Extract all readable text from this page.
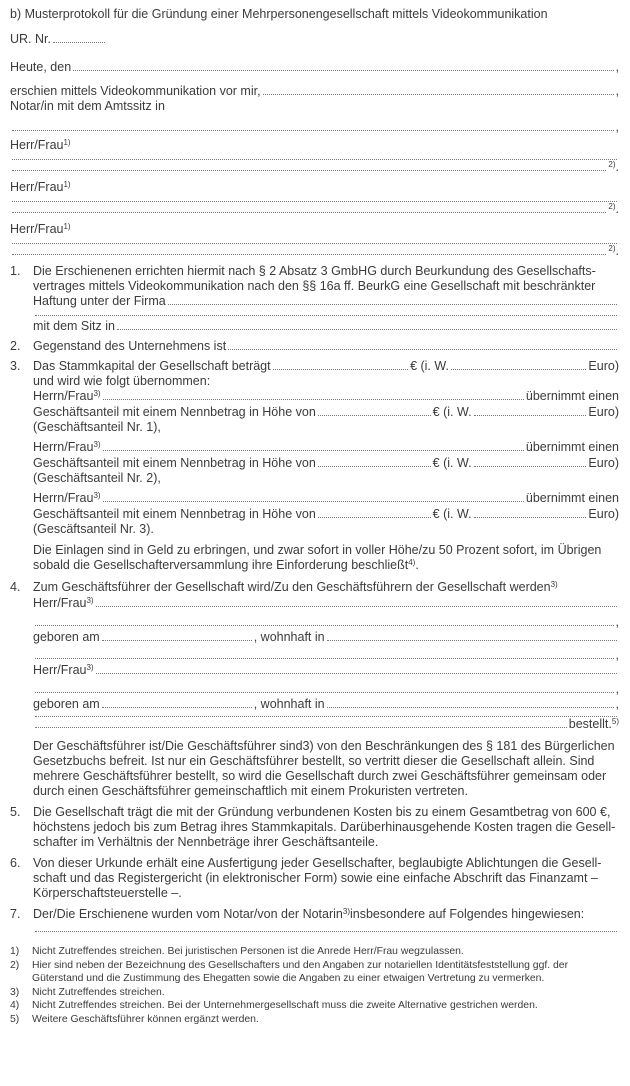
b) Musterprotokoll für die Gründung einer Mehrpersonengesellschaft mittels Videokommunikation
UR. Nr.
Heute, den	,
erschien mittels Videokommunikation vor mir,	,
Notar/in mit dem Amtssitz in
,
Herr/Frau 1)
2) .
Herr/Frau 1)
2) .
Herr/Frau 1)
2) .
1. Die Erschienenen errichten hiermit nach § 2 Absatz 3 GmbHG durch Beurkundung des Gesellschafts-
vertrages mittels Videokommunikation nach den §§ 16a ff. BeurkG eine Gesellschaft mit beschränkter
Haftung unter der Firma
mit dem Sitz in
2. Gegenstand des Unternehmens ist
3. Das Stammkapital der Gesellschaft beträgt	€ (i. W.	Euro)
und wird wie folgt übernommen:
Herrn/Frau 3)	übernimmt einen
Geschäftsanteil mit einem Nennbetrag in Höhe von	€ (i. W.	Euro)
(Geschäftsanteil Nr. 1),
Herrn/Frau 3)	übernimmt einen
Geschäftsanteil mit einem Nennbetrag in Höhe von	€ (i. W.	Euro)
(Geschäftsanteil Nr. 2),
Herrn/Frau 3)	übernimmt einen
Geschäftsanteil mit einem Nennbetrag in Höhe von	€ (i. W.	Euro)
(Gescäftsanteil Nr. 3).
Die Einlagen sind in Geld zu erbringen, und zwar sofort in voller Höhe/zu 50 Prozent sofort, im Übrigen
sobald die Gesellschafterversammlung ihre Einforderung beschließt 4) .
4. Zum Geschäftsführer der Gesellschaft wird/Zu den Geschäftsführern der Gesellschaft werden 3)
Herr/Frau 3)
,
geboren am	, wohnhaft in
,
Herr/Frau 3)
,
geboren am	, wohnhaft in	,
bestellt. 5)
Der Geschäftsführer ist/Die Geschäftsführer sind3) von den Beschränkungen des § 181 des Bürgerlichen
Gesetzbuchs befreit. Ist nur ein Geschäftsführer bestellt, so vertritt dieser die Gesellschaft allein. Sind
mehrere Geschäftsführer bestellt, so wird die Gesellschaft durch zwei Geschäftsführer gemeinsam oder
durch einen Geschäftsführer gemeinschaftlich mit einem Prokuristen vertreten.
5. Die Gesellschaft trägt die mit der Gründung verbundenen Kosten bis zu einem Gesamtbetrag von 600 €,
höchstens jedoch bis zum Betrag ihres Stammkapitals. Darüberhinausgehende Kosten tragen die Gesell-
schafter im Verhältnis der Nennbeträge ihrer Geschäftsanteile.
6. Von dieser Urkunde erhält eine Ausfertigung jeder Gesellschafter, beglaubigte Ablichtungen die Gesell-
schaft und das Registergericht (in elektronischer Form) sowie eine einfache Abschrift das Finanzamt –
Körperschaftsteuerstelle –.
7. Der/Die Erschienene wurden vom Notar/von der Notarin 3) insbesondere auf Folgendes hingewiesen:
1) Nicht Zutreffendes streichen. Bei juristischen Personen ist die Anrede Herr/Frau wegzulassen.
2) Hier sind neben der Bezeichnung des Gesellschafters und den Angaben zur notariellen Identitätsfeststellung ggf. der
Güterstand und die Zustimmung des Ehegatten sowie die Angaben zu einer etwaigen Vertretung zu vermerken.
3) Nicht Zutreffendes streichen.
4) Nicht Zutreffendes streichen. Bei der Unternehmergesellschaft muss die zweite Alternative gestrichen werden.
5) Weitere Geschäftsführer können ergänzt werden.
